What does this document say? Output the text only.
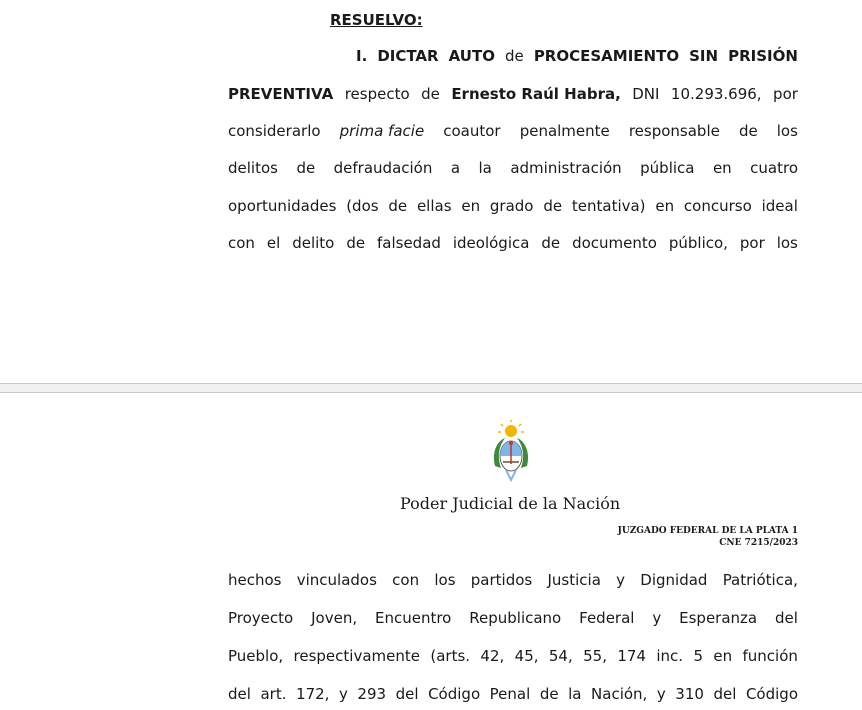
RESUELVO:
I. DICTAR AUTO de PROCESAMIENTO SIN PRISIÓN
PREVENTIVA respecto de Ernesto Raúl Habra, DNI 10.293.696, por
considerarlo prima facie coautor penalmente responsable de los
delitos de defraudación a la administración pública en cuatro
oportunidades (dos de ellas en grado de tentativa) en concurso ideal
con el delito de falsedad ideológica de documento público, por los
Poder Judicial de la Nación
JUZGADO FEDERAL DE LA PLATA 1
CNE 7215/2023
hechos vinculados con los partidos Justicia y Dignidad Patriótica,
Proyecto Joven, Encuentro Republicano Federal y Esperanza del
Pueblo, respectivamente (arts. 42, 45, 54, 55, 174 inc. 5 en función
del art. 172, y 293 del Código Penal de la Nación, y 310 del Código
